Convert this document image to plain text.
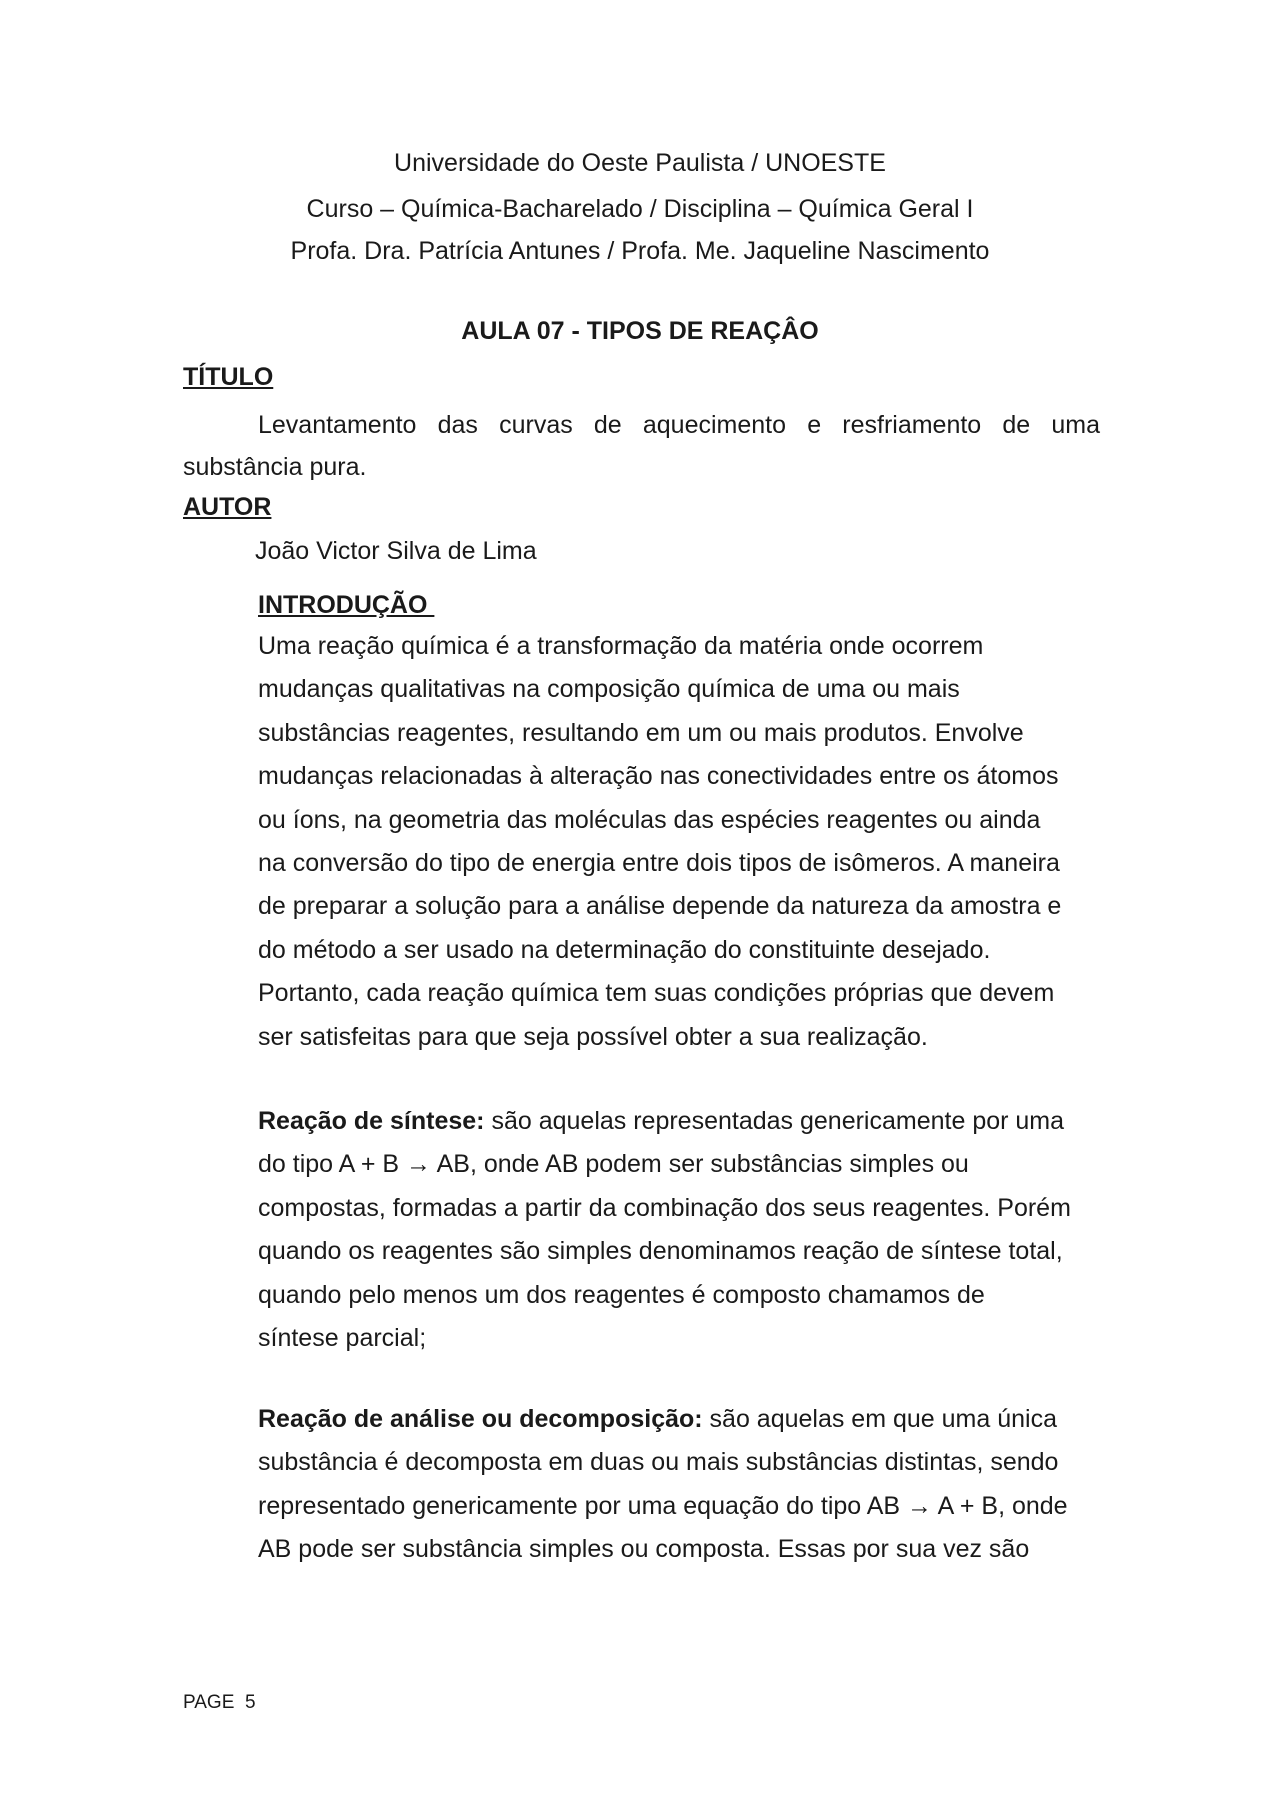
Universidade do Oeste Paulista / UNOESTE
Curso – Química-Bacharelado / Disciplina – Química Geral I
Profa. Dra. Patrícia Antunes / Profa. Me. Jaqueline Nascimento
AULA 07 - TIPOS DE REAÇÂO
TÍTULO

Levantamento das curvas de aquecimento e resfriamento de uma substância pura.

AUTOR
João Victor Silva de Lima
INTRODUÇÃO
Uma reação química é a transformação da matéria onde ocorrem
mudanças qualitativas na composição química de uma ou mais
substâncias reagentes, resultando em um ou mais produtos. Envolve
mudanças relacionadas à alteração nas conectividades entre os átomos
ou íons, na geometria das moléculas das espécies reagentes ou ainda
na conversão do tipo de energia entre dois tipos de isômeros. A maneira
de preparar a solução para a análise depende da natureza da amostra e
do método a ser usado na determinação do constituinte desejado.
Portanto, cada reação química tem suas condições próprias que devem
ser satisfeitas para que seja possível obter a sua realização.
Reação de síntese: são aquelas representadas genericamente por uma
do tipo A + B → AB, onde AB podem ser substâncias simples ou
compostas, formadas a partir da combinação dos seus reagentes. Porém
quando os reagentes são simples denominamos reação de síntese total,
quando pelo menos um dos reagentes é composto chamamos de
síntese parcial;
Reação de análise ou decomposição: são aquelas em que uma única
substância é decomposta em duas ou mais substâncias distintas, sendo
representado genericamente por uma equação do tipo AB → A + B, onde
AB pode ser substância simples ou composta. Essas por sua vez são
PAGE  5
